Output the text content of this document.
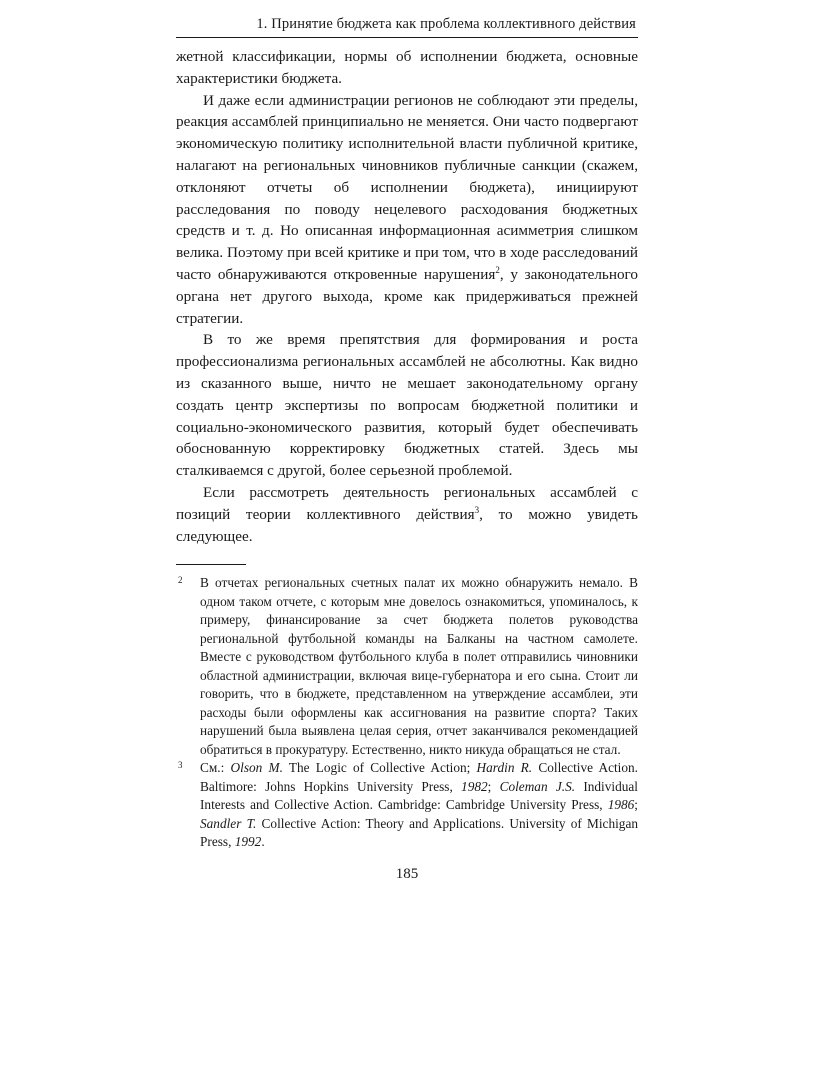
1. Принятие бюджета как проблема коллективного действия

жетной классификации, нормы об исполнении бюджета, основные характеристики бюджета.

И даже если администрации регионов не соблюдают эти пределы, реакция ассамблей принципиально не меняется. Они часто подвергают экономическую политику исполнительной власти публичной критике, налагают на региональных чиновников публичные санкции (скажем, отклоняют отчеты об исполнении бюджета), инициируют расследования по поводу нецелевого расходования бюджетных средств и т. д. Но описанная информационная асимметрия слишком велика. Поэтому при всей критике и при том, что в ходе расследований часто обнаруживаются откровенные нарушения$^2$, у законодательного органа нет другого выхода, кроме как придерживаться прежней стратегии.

В то же время препятствия для формирования и роста профессионализма региональных ассамблей не абсолютны. Как видно из сказанного выше, ничто не мешает законодательному органу создать центр экспертизы по вопросам бюджетной политики и социально-экономического развития, который будет обеспечивать обоснованную корректировку бюджетных статей. Здесь мы сталкиваемся с другой, более серьезной проблемой.

Если рассмотреть деятельность региональных ассамблей с позиций теории коллективного действия$^3$, то можно увидеть следующее.

2 В отчетах региональных счетных палат их можно обнаружить немало. В одном таком отчете, с которым мне довелось ознакомиться, упоминалось, к примеру, финансирование за счет бюджета полетов руководства региональной футбольной команды на Балканы на частном самолете. Вместе с руководством футбольного клуба в полет отправились чиновники областной администрации, включая вице-губернатора и его сына. Стоит ли говорить, что в бюджете, представленном на утверждение ассамблеи, эти расходы были оформлены как ассигнования на развитие спорта? Таких нарушений была выявлена целая серия, отчет заканчивался рекомендацией обратиться в прокуратуру. Естественно, никто никуда обращаться не стал.
3 См.: Olson M. The Logic of Collective Action; Hardin R. Collective Action. Baltimore: Johns Hopkins University Press, 1982; Coleman J.S. Individual Interests and Collective Action. Cambridge: Cambridge University Press, 1986; Sandler T. Collective Action: Theory and Applications. University of Michigan Press, 1992.
185
